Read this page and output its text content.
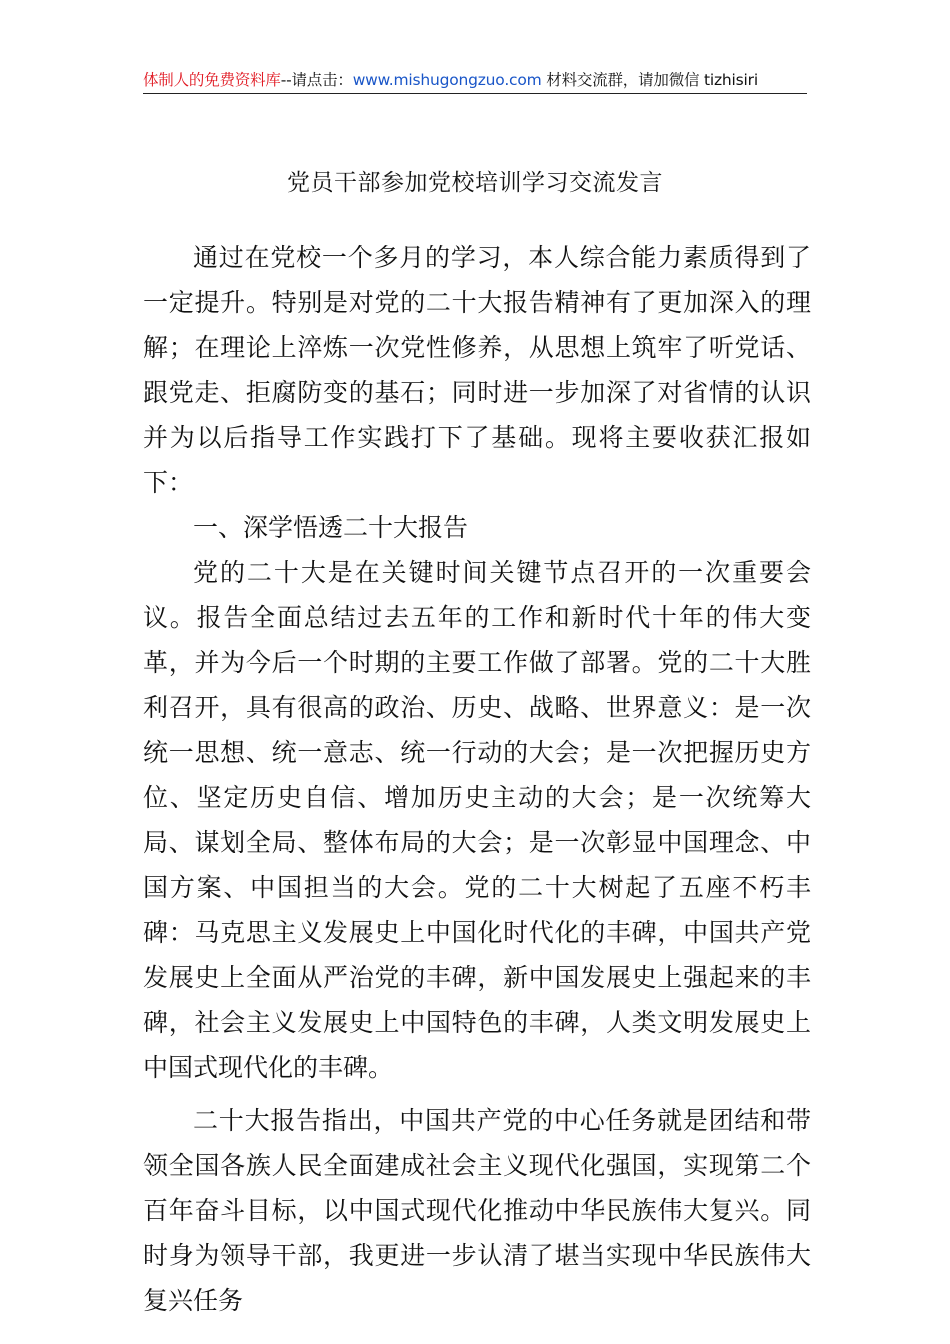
体制人的免费资料库--请点击：www.mishugongzuo.com 材料交流群，请加微信 tizhisiri
党员干部参加党校培训学习交流发言

通过在党校一个多月的学习，本人综合能力素质得到了一定提升。特别是对党的二十大报告精神有了更加深入的理解；在理论上淬炼一次党性修养，从思想上筑牢了听党话、跟党走、拒腐防变的基石；同时进一步加深了对省情的认识并为以后指导工作实践打下了基础。现将主要收获汇报如下：

一、深学悟透二十大报告

党的二十大是在关键时间关键节点召开的一次重要会议。报告全面总结过去五年的工作和新时代十年的伟大变革，并为今后一个时期的主要工作做了部署。党的二十大胜利召开，具有很高的政治、历史、战略、世界意义：是一次统一思想、统一意志、统一行动的大会；是一次把握历史方位、坚定历史自信、增加历史主动的大会；是一次统筹大局、谋划全局、整体布局的大会；是一次彰显中国理念、中国方案、中国担当的大会。党的二十大树起了五座不朽丰碑：马克思主义发展史上中国化时代化的丰碑，中国共产党发展史上全面从严治党的丰碑，新中国发展史上强起来的丰碑，社会主义发展史上中国特色的丰碑，人类文明发展史上中国式现代化的丰碑。

二十大报告指出，中国共产党的中心任务就是团结和带领全国各族人民全面建成社会主义现代化强国，实现第二个百年奋斗目标，以中国式现代化推动中华民族伟大复兴。同时身为领导干部，我更进一步认清了堪当实现中华民族伟大复兴任务
